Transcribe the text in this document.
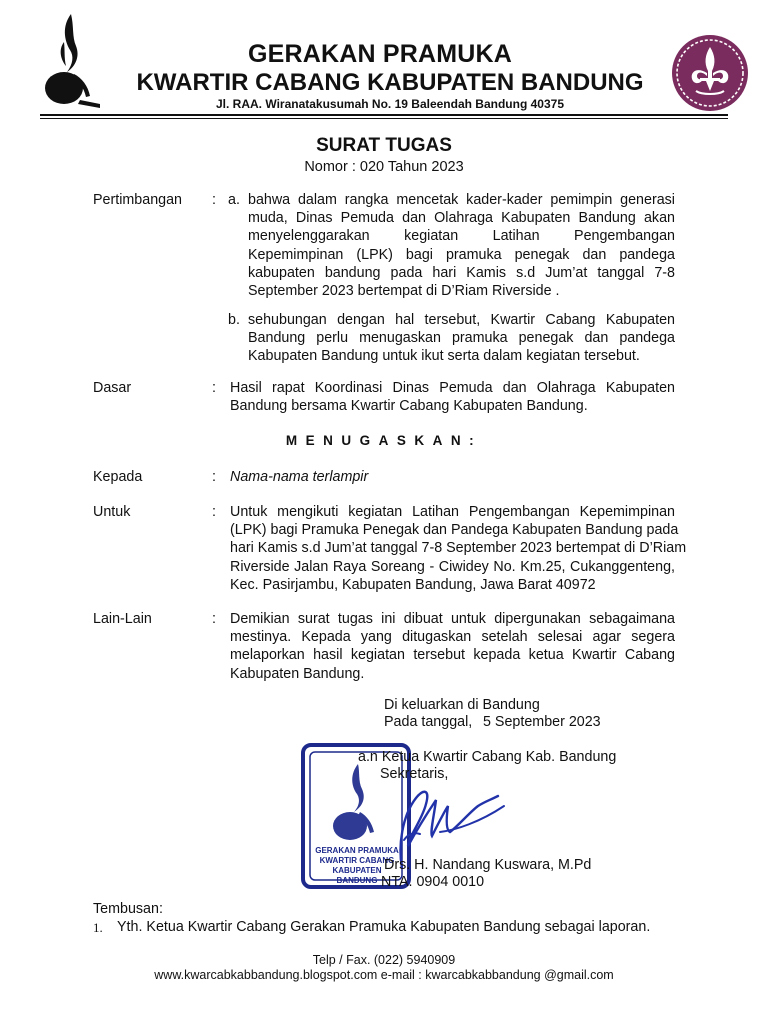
GERAKAN PRAMUKA
KWARTIR CABANG KABUPATEN BANDUNG
Jl. RAA. Wiranatakusumah No. 19 Baleendah Bandung 40375
SURAT TUGAS
Nomor : 020 Tahun 2023
Pertimbangan : a. bahwa dalam rangka mencetak kader-kader pemimpin generasi
muda, Dinas Pemuda dan Olahraga Kabupaten Bandung akan
menyelenggarakan kegiatan Latihan Pengembangan
Kepemimpinan (LPK) bagi pramuka penegak dan pandega
kabupaten bandung pada hari Kamis s.d Jum’at tanggal 7-8
September 2023 bertempat di D’Riam Riverside .
b. sehubungan dengan hal tersebut, Kwartir Cabang Kabupaten
Bandung perlu menugaskan pramuka penegak dan pandega
Kabupaten Bandung untuk ikut serta dalam kegiatan tersebut.
Dasar	: Hasil rapat Koordinasi Dinas Pemuda dan Olahraga Kabupaten
Bandung bersama Kwartir Cabang Kabupaten Bandung.
MENUGASKAN:
Kepada	: Nama-nama terlampir
Untuk	: Untuk mengikuti kegiatan Latihan Pengembangan Kepemimpinan
(LPK) bagi Pramuka Penegak dan Pandega Kabupaten Bandung pada
hari Kamis s.d Jum’at tanggal 7-8 September 2023 bertempat di D’Riam
Riverside Jalan Raya Soreang - Ciwidey No. Km.25, Cukanggenteng,
Kec. Pasirjambu, Kabupaten Bandung, Jawa Barat 40972
Lain-Lain	: Demikian surat tugas ini dibuat untuk dipergunakan sebagaimana
mestinya. Kepada yang ditugaskan setelah selesai agar segera
melaporkan hasil kegiatan tersebut kepada ketua Kwartir Cabang
Kabupaten Bandung.
Di keluarkan di Bandung
Pada tanggal, 5 September 2023
GERAKAN PRAMUKA
KWARTIR CABANG
KABUPATEN BANDUNG
a.n Ketua Kwartir Cabang Kab. Bandung
Sekretaris,
Drs. H. Nandang Kuswara, M.Pd
NTA. 0904 0010
Tembusan:
1. Yth. Ketua Kwartir Cabang Gerakan Pramuka Kabupaten Bandung sebagai laporan.
Telp / Fax. (022) 5940909
www.kwarcabkabbandung.blogspot.com e-mail : kwarcabkabbandung @gmail.com
